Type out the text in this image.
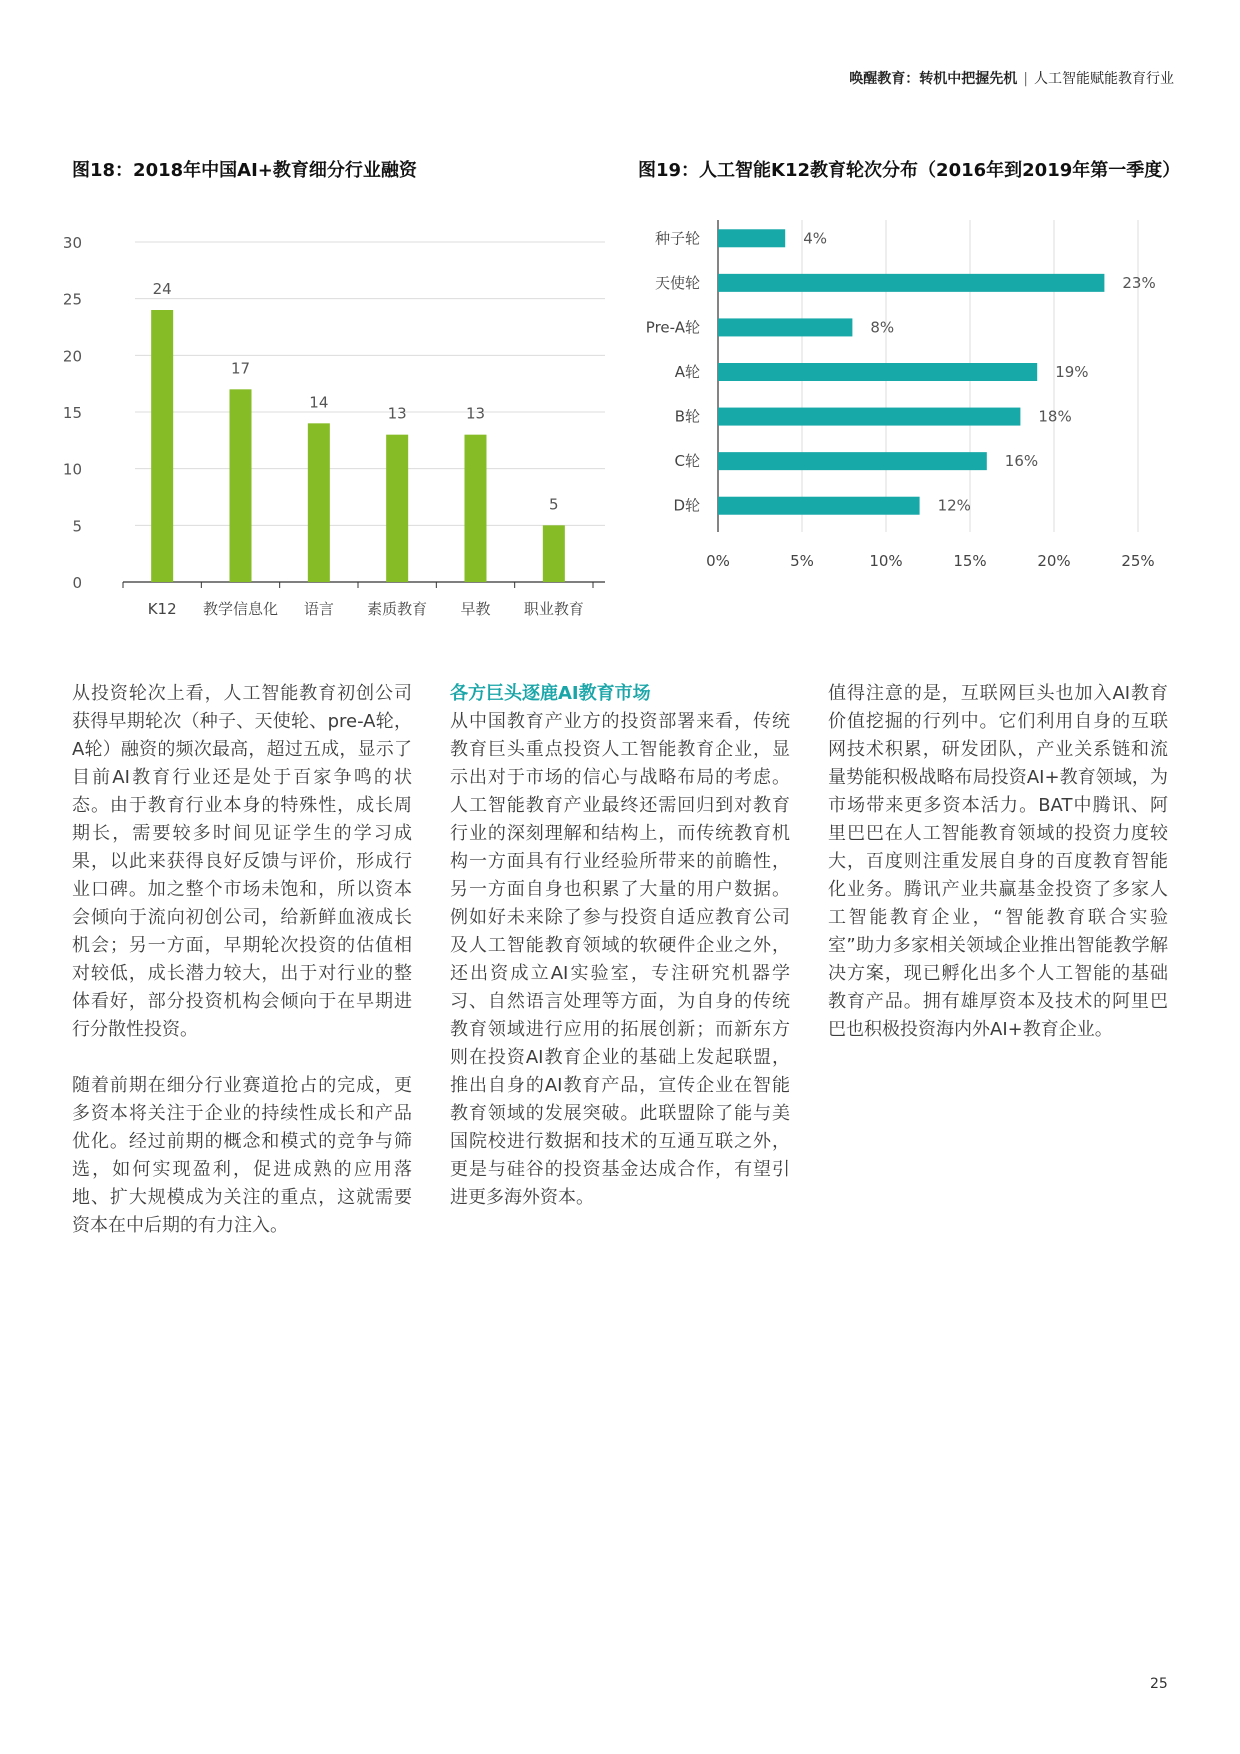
唤醒教育：转机中把握先机 | 人工智能赋能教育行业
图18：2018年中国AI+教育细分行业融资	图19：人工智能K12教育轮次分布（2016年到2019年第一季度）
0
5
10
15
20
25
30
24
K12
17
教学信息化
14
语言
13
素质教育
13
早教
5
职业教育
0%	5%	10%	15%	20%	25%
4%
种子轮
23%
天使轮
8%
Pre-A轮
19%
A轮
18%
B轮
16%
C轮
12%
D轮

从投资轮次上看，人工智能教育初创公司获得早期轮次（种子、天使轮、pre-A轮，A轮）融资的频次最高，超过五成，显示了目前AI教育行业还是处于百家争鸣的状态。由于教育行业本身的特殊性，成长周期长，需要较多时间见证学生的学习成果，以此来获得良好反馈与评价，形成行业口碑。加之整个市场未饱和，所以资本会倾向于流向初创公司，给新鲜血液成长机会；另一方面，早期轮次投资的估值相对较低，成长潜力较大，出于对行业的整体看好，部分投资机构会倾向于在早期进行分散性投资。

随着前期在细分行业赛道抢占的完成，更多资本将关注于企业的持续性成长和产品优化。经过前期的概念和模式的竞争与筛选，如何实现盈利，促进成熟的应用落地、扩大规模成为关注的重点，这就需要资本在中后期的有力注入。

各方巨头逐鹿AI教育市场

从中国教育产业方的投资部署来看，传统教育巨头重点投资人工智能教育企业，显示出对于市场的信心与战略布局的考虑。人工智能教育产业最终还需回归到对教育行业的深刻理解和结构上，而传统教育机构一方面具有行业经验所带来的前瞻性，另一方面自身也积累了大量的用户数据。例如好未来除了参与投资自适应教育公司及人工智能教育领域的软硬件企业之外，还出资成立AI实验室，专注研究机器学习、自然语言处理等方面，为自身的传统教育领域进行应用的拓展创新；而新东方则在投资AI教育企业的基础上发起联盟，推出自身的AI教育产品，宣传企业在智能教育领域的发展突破。此联盟除了能与美国院校进行数据和技术的互通互联之外，更是与硅谷的投资基金达成合作，有望引进更多海外资本。

值得注意的是，互联网巨头也加入AI教育价值挖掘的行列中。它们利用自身的互联网技术积累，研发团队，产业关系链和流量势能积极战略布局投资AI+教育领域，为市场带来更多资本活力。BAT中腾讯、阿里巴巴在人工智能教育领域的投资力度较大，百度则注重发展自身的百度教育智能化业务。腾讯产业共赢基金投资了多家人工智能教育企业，“智能教育联合实验室”助力多家相关领域企业推出智能教学解决方案，现已孵化出多个人工智能的基础教育产品。拥有雄厚资本及技术的阿里巴巴也积极投资海内外AI+教育企业。

25
